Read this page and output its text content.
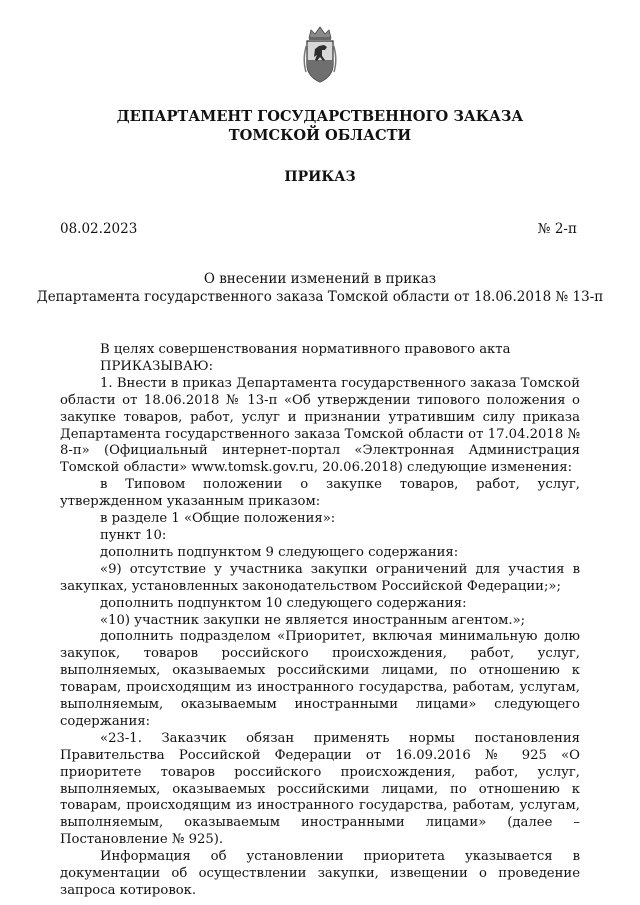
ДЕПАРТАМЕНТ ГОСУДАРСТВЕННОГО ЗАКАЗА
ТОМСКОЙ ОБЛАСТИ
ПРИКАЗ
08.02.2023	№ 2-п
О внесении изменений в приказ
Департамента государственного заказа Томской области от 18.06.2018 № 13-п

В целях совершенствования нормативного правового акта

ПРИКАЗЫВАЮ:

1. Внести в приказ Департамента государственного заказа Томской области от 18.06.2018 № 13-п «Об утверждении типового положения о закупке товаров, работ, услуг и признании утратившим силу приказа Департамента государственного заказа Томской области от 17.04.2018 № 8-п» (Официальный интернет-портал «Электронная Администрация Томской области» www.tomsk.gov.ru, 20.06.2018) следующие изменения:

в Типовом положении о закупке товаров, работ, услуг, утвержденном указанным приказом:

в разделе 1 «Общие положения»:

пункт 10:

дополнить подпунктом 9 следующего содержания:

«9) отсутствие у участника закупки ограничений для участия в закупках, установленных законодательством Российской Федерации;»;

дополнить подпунктом 10 следующего содержания:

«10) участник закупки не является иностранным агентом.»;

дополнить подразделом «Приоритет, включая минимальную долю закупок, товаров российского происхождения, работ, услуг, выполняемых, оказываемых российскими лицами, по отношению к товарам, происходящим из иностранного государства, работам, услугам, выполняемым, оказываемым иностранными лицами» следующего содержания:

«23-1. Заказчик обязан применять нормы постановления Правительства Российской Федерации от 16.09.2016 № 925 «О приоритете товаров российского происхождения, работ, услуг, выполняемых, оказываемых российскими лицами, по отношению к товарам, происходящим из иностранного государства, работам, услугам, выполняемым, оказываемым иностранными лицами» (далее – Постановление № 925).

Информация об установлении приоритета указывается в документации об осуществлении закупки, извещении о проведение запроса котировок.
